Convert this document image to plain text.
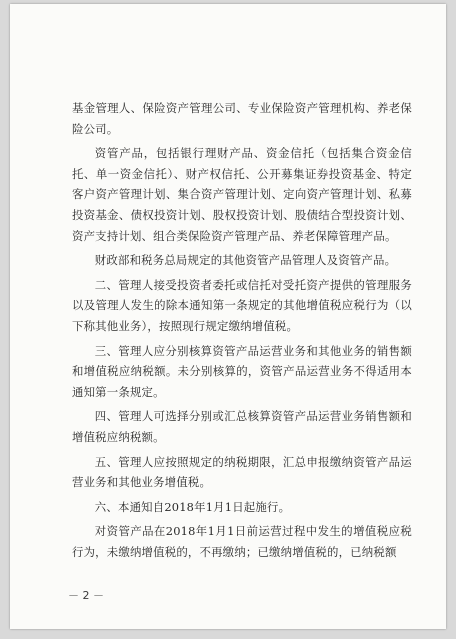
基金管理人、保险资产管理公司、专业保险资产管理机构、养老保险公司。

资管产品，包括银行理财产品、资金信托（包括集合资金信托、单一资金信托）、财产权信托、公开募集证券投资基金、特定客户资产管理计划、集合资产管理计划、定向资产管理计划、私募投资基金、债权投资计划、股权投资计划、股债结合型投资计划、资产支持计划、组合类保险资产管理产品、养老保障管理产品。

财政部和税务总局规定的其他资管产品管理人及资管产品。

二、管理人接受投资者委托或信托对受托资产提供的管理服务以及管理人发生的除本通知第一条规定的其他增值税应税行为（以下称其他业务），按照现行规定缴纳增值税。

三、管理人应分别核算资管产品运营业务和其他业务的销售额和增值税应纳税额。未分别核算的，资管产品运营业务不得适用本通知第一条规定。

四、管理人可选择分别或汇总核算资管产品运营业务销售额和增值税应纳税额。

五、管理人应按照规定的纳税期限，汇总申报缴纳资管产品运营业务和其他业务增值税。

六、本通知自2018年1月1日起施行。

对资管产品在2018年1月1日前运营过程中发生的增值税应税行为，未缴纳增值税的，不再缴纳；已缴纳增值税的，已纳税额

－ 2 －
